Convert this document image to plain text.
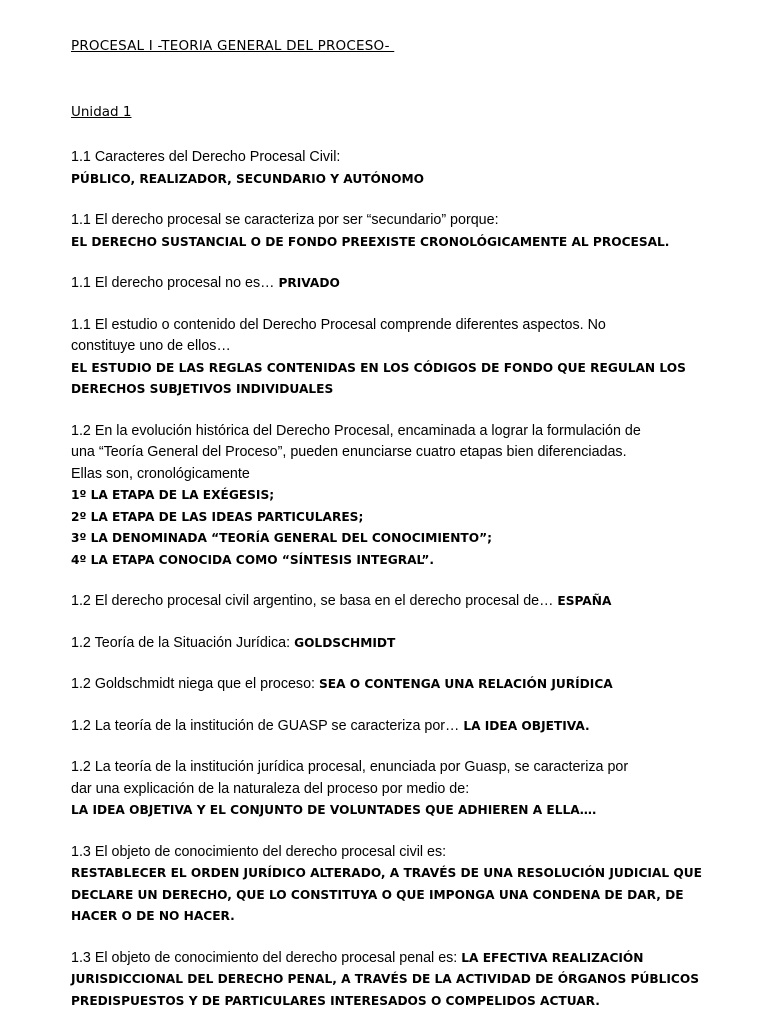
PROCESAL I -TEORIA GENERAL DEL PROCESO-
Unidad 1
1.1 Caracteres del Derecho Procesal Civil:
PÚBLICO, REALIZADOR, SECUNDARIO Y AUTÓNOMO
1.1 El derecho procesal se caracteriza por ser “secundario” porque:
EL DERECHO SUSTANCIAL O DE FONDO PREEXISTE CRONOLÓGICAMENTE AL PROCESAL.
1.1 El derecho procesal no es… PRIVADO
1.1 El estudio o contenido del Derecho Procesal comprende diferentes aspectos. No
constituye uno de ellos…
EL ESTUDIO DE LAS REGLAS CONTENIDAS EN LOS CÓDIGOS DE FONDO QUE REGULAN LOS
DERECHOS SUBJETIVOS INDIVIDUALES
1.2 En la evolución histórica del Derecho Procesal, encaminada a lograr la formulación de
una “Teoría General del Proceso”, pueden enunciarse cuatro etapas bien diferenciadas.
Ellas son, cronológicamente
1º LA ETAPA DE LA EXÉGESIS;
2º LA ETAPA DE LAS IDEAS PARTICULARES;
3º LA DENOMINADA “TEORÍA GENERAL DEL CONOCIMIENTO”;
4º LA ETAPA CONOCIDA COMO “SÍNTESIS INTEGRAL”.
1.2 El derecho procesal civil argentino, se basa en el derecho procesal de… ESPAÑA
1.2 Teoría de la Situación Jurídica: GOLDSCHMIDT
1.2 Goldschmidt niega que el proceso: SEA O CONTENGA UNA RELACIÓN JURÍDICA
1.2 La teoría de la institución de GUASP se caracteriza por… LA IDEA OBJETIVA.
1.2 La teoría de la institución jurídica procesal, enunciada por Guasp, se caracteriza por
dar una explicación de la naturaleza del proceso por medio de:
LA IDEA OBJETIVA Y EL CONJUNTO DE VOLUNTADES QUE ADHIEREN A ELLA….
1.3 El objeto de conocimiento del derecho procesal civil es:
RESTABLECER EL ORDEN JURÍDICO ALTERADO, A TRAVÉS DE UNA RESOLUCIÓN JUDICIAL QUE
DECLARE UN DERECHO, QUE LO CONSTITUYA O QUE IMPONGA UNA CONDENA DE DAR, DE
HACER O DE NO HACER.
1.3 El objeto de conocimiento del derecho procesal penal es: LA EFECTIVA REALIZACIÓN
JURISDICCIONAL DEL DERECHO PENAL, A TRAVÉS DE LA ACTIVIDAD DE ÓRGANOS PÚBLICOS
PREDISPUESTOS Y DE PARTICULARES INTERESADOS O COMPELIDOS ACTUAR.
